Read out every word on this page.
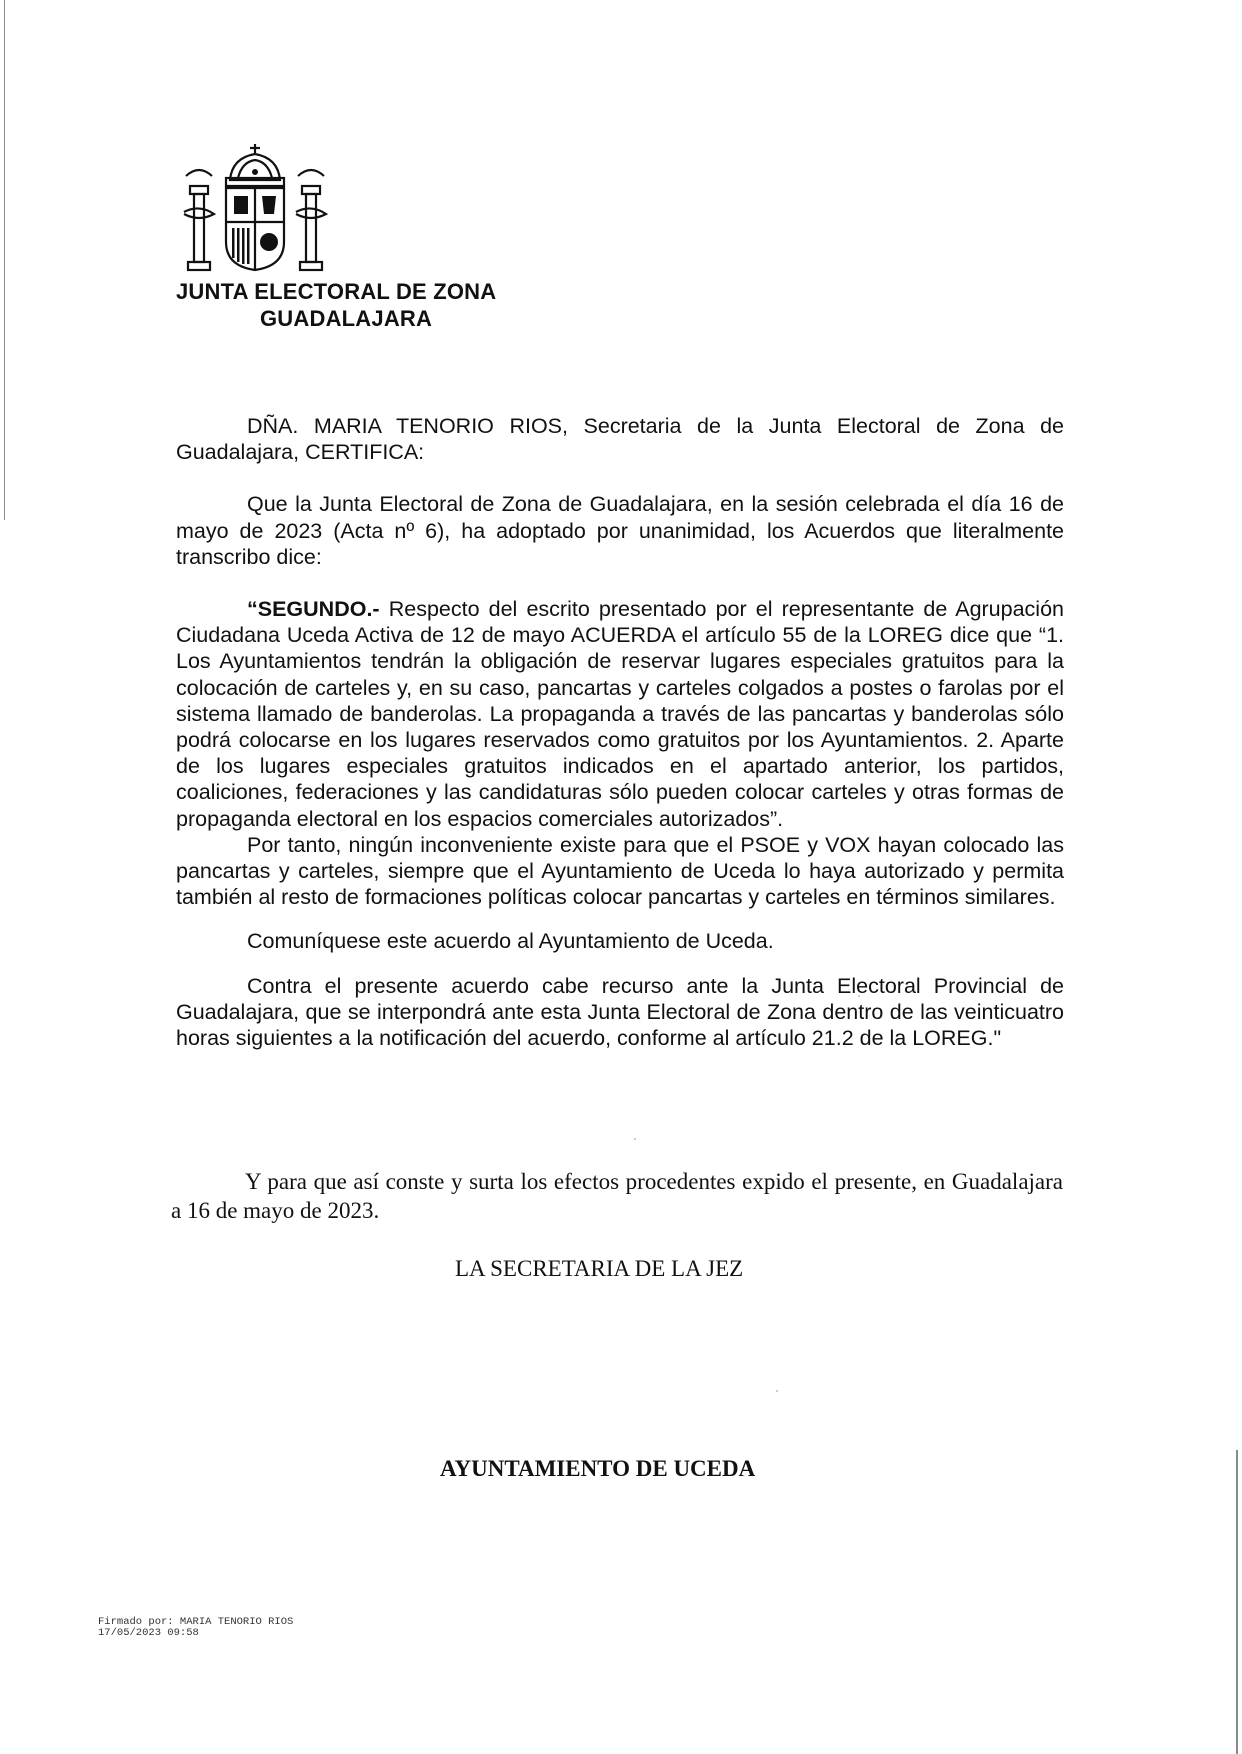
JUNTA ELECTORAL DE ZONA
GUADALAJARA

DÑA. MARIA TENORIO RIOS, Secretaria de la Junta Electoral de Zona de Guadalajara, CERTIFICA:

Que la Junta Electoral de Zona de Guadalajara, en la sesión celebrada el día 16 de mayo de 2023 (Acta nº 6), ha adoptado por unanimidad, los Acuerdos que literalmente transcribo dice:

“SEGUNDO.- Respecto del escrito presentado por el representante de Agrupación Ciudadana Uceda Activa de 12 de mayo ACUERDA el artículo 55 de la LOREG dice que “1. Los Ayuntamientos tendrán la obligación de reservar lugares especiales gratuitos para la colocación de carteles y, en su caso, pancartas y carteles colgados a postes o farolas por el sistema llamado de banderolas. La propaganda a través de las pancartas y banderolas sólo podrá colocarse en los lugares reservados como gratuitos por los Ayuntamientos. 2. Aparte de los lugares especiales gratuitos indicados en el apartado anterior, los partidos, coaliciones, federaciones y las candidaturas sólo pueden colocar carteles y otras formas de propaganda electoral en los espacios comerciales autorizados”.

Por tanto, ningún inconveniente existe para que el PSOE y VOX hayan colocado las pancartas y carteles, siempre que el Ayuntamiento de Uceda lo haya autorizado y permita también al resto de formaciones políticas colocar pancartas y carteles en términos similares.

Comuníquese este acuerdo al Ayuntamiento de Uceda.

Contra el presente acuerdo cabe recurso ante la Junta Electoral Provincial de Guadalajara, que se interpondrá ante esta Junta Electoral de Zona dentro de las veinticuatro horas siguientes a la notificación del acuerdo, conforme al artículo 21.2 de la LOREG."

Y para que así conste y surta los efectos procedentes expido el presente, en Guadalajara a 16 de mayo de 2023.

LA SECRETARIA DE LA JEZ
AYUNTAMIENTO DE UCEDA
Firmado por: MARIA TENORIO RIOS
17/05/2023 09:58
